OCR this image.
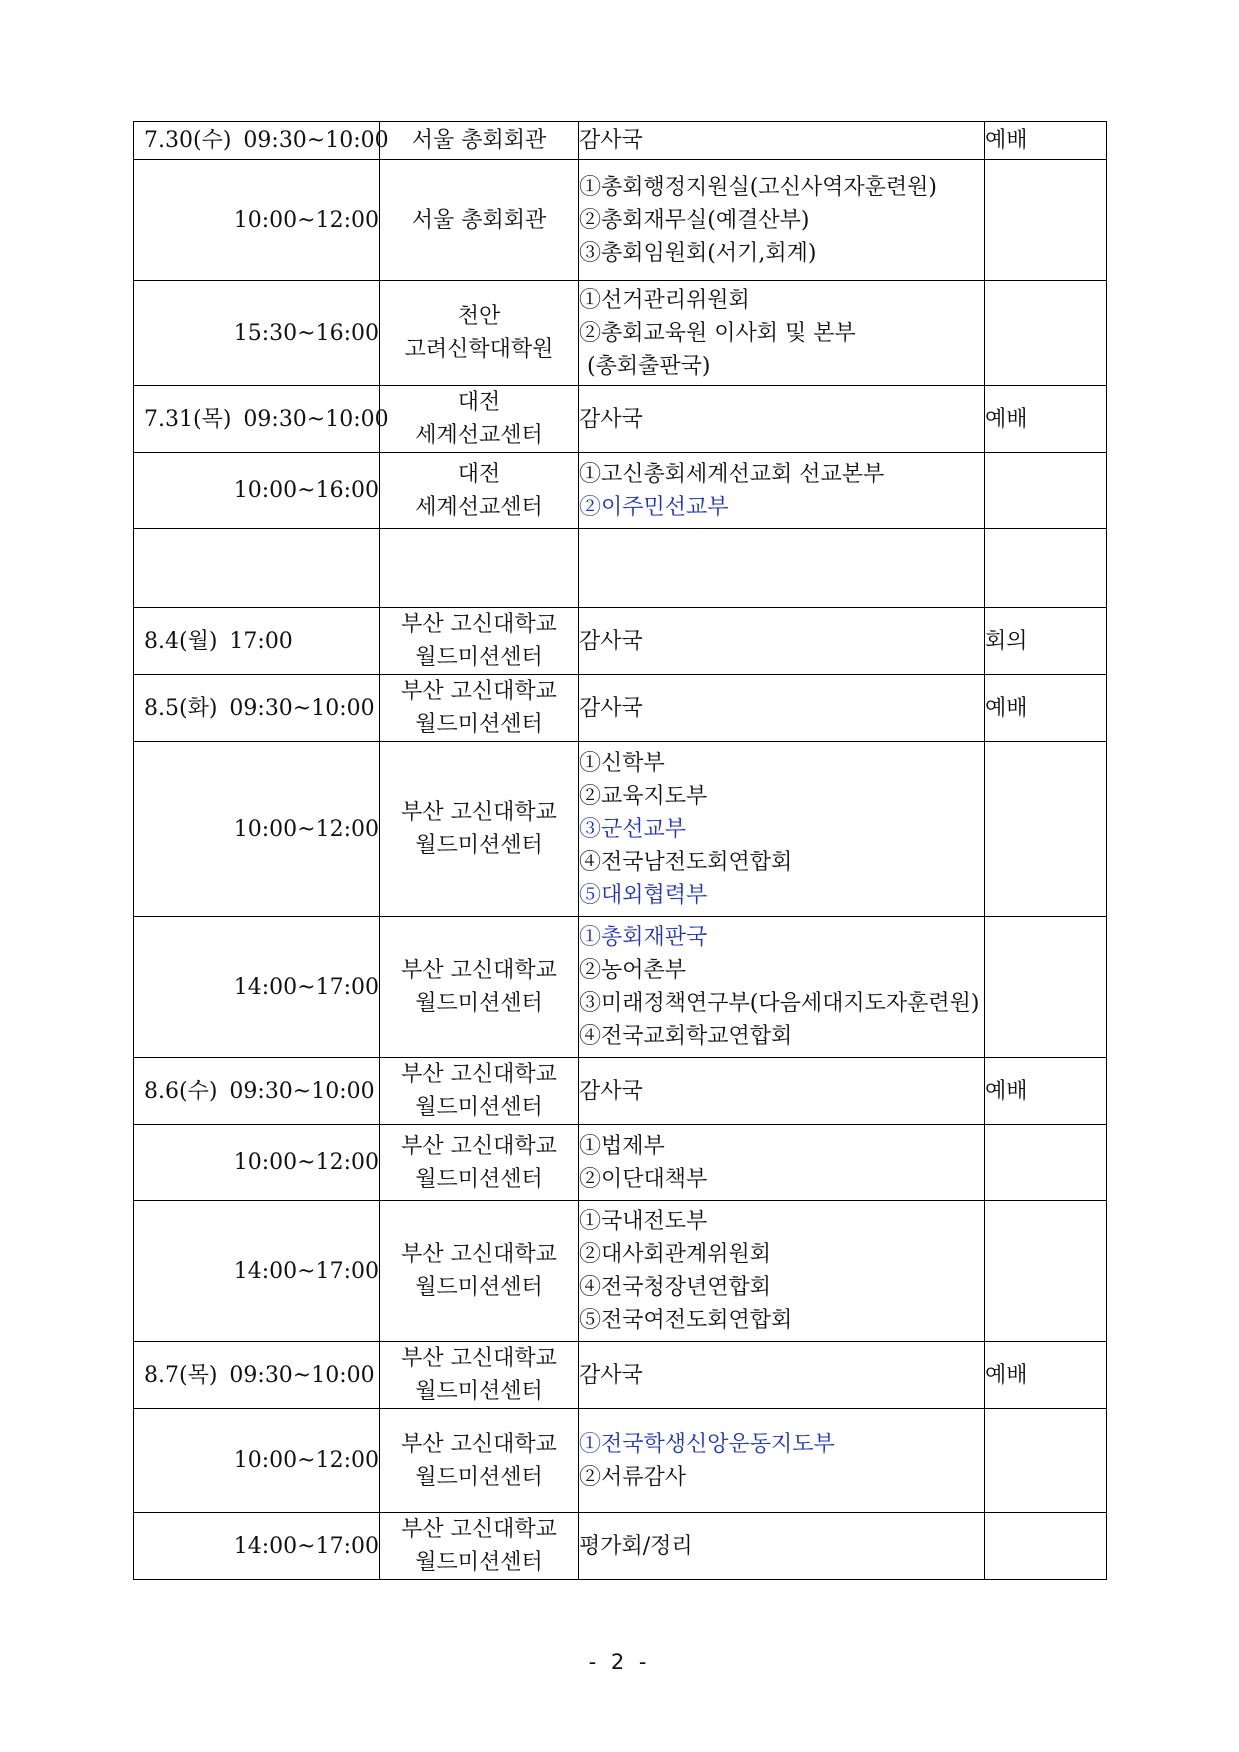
7.30(수) 09:30~10:00	서울 총회회관	감사국	예배
10:00~12:00	서울 총회회관	①총회행정지원실(고신사역자훈련원)
②총회재무실(예결산부)
③총회임원회(서기,회계)	

15:30~16:00	천안
고려신학대학원	①선거관리위원회
②총회교육원 이사회 및 본부
(총회출판국)	

7.31(목) 09:30~10:00	대전
세계선교센터	감사국	예배
10:00~16:00	대전
세계선교센터	①고신총회세계선교회 선교본부
②이주민선교부	

8.4(월) 17:00	부산 고신대학교
월드미션센터	감사국	회의
8.5(화) 09:30~10:00	부산 고신대학교
월드미션센터	감사국	예배
10:00~12:00	부산 고신대학교
월드미션센터	①신학부
②교육지도부
③군선교부
④전국남전도회연합회
⑤대외협력부	

14:00~17:00	부산 고신대학교
월드미션센터	①총회재판국
②농어촌부
③미래정책연구부(다음세대지도자훈련원)
④전국교회학교연합회	

8.6(수) 09:30~10:00	부산 고신대학교
월드미션센터	감사국	예배
10:00~12:00	부산 고신대학교
월드미션센터	①법제부
②이단대책부	

14:00~17:00	부산 고신대학교
월드미션센터	①국내전도부
②대사회관계위원회
④전국청장년연합회
⑤전국여전도회연합회	

8.7(목) 09:30~10:00	부산 고신대학교
월드미션센터	감사국	예배
10:00~12:00	부산 고신대학교
월드미션센터	①전국학생신앙운동지도부
②서류감사	

14:00~17:00	부산 고신대학교
월드미션센터	평가회/정리	

- 2 -
